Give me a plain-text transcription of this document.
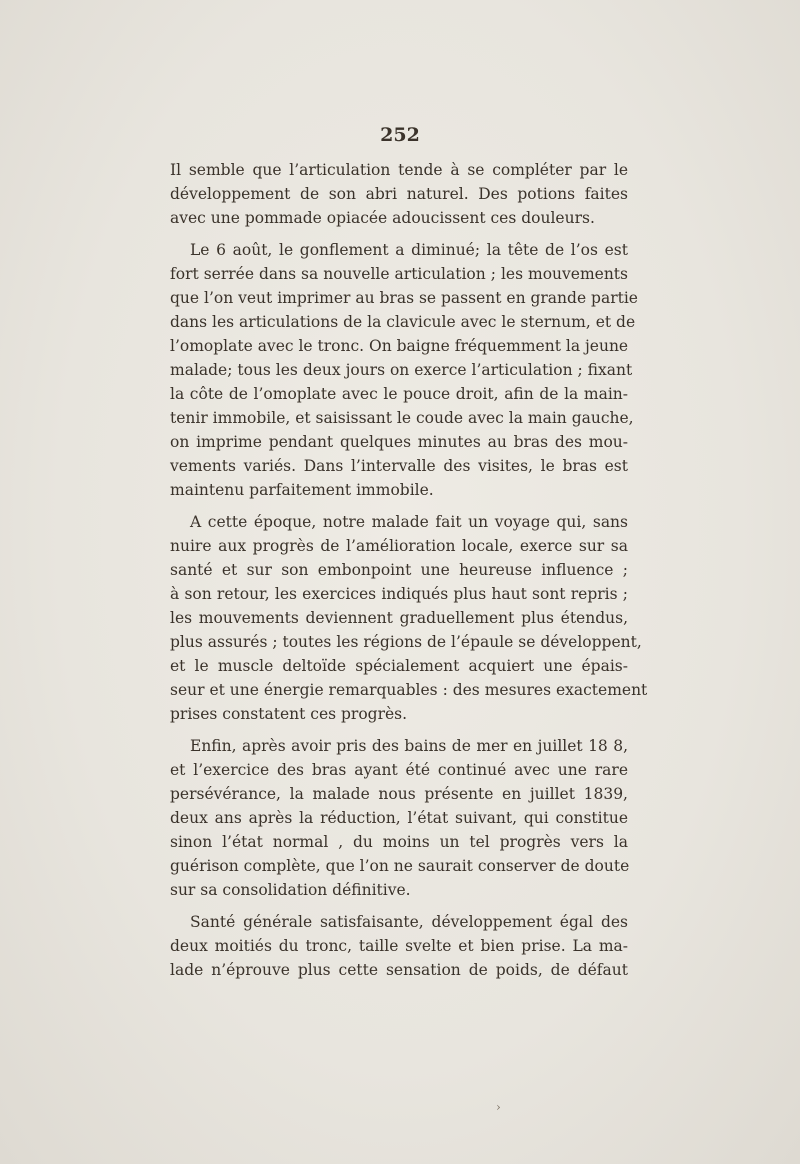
252
Il semble que l’articulation tende à se compléter par le
développement de son abri naturel. Des potions faites
avec une pommade opiacée adoucissent ces douleurs.
Le 6 août, le gonflement a diminué; la tête de l’os est
fort serrée dans sa nouvelle articulation ; les mouvements
que l’on veut imprimer au bras se passent en grande partie
dans les articulations de la clavicule avec le sternum, et de
l’omoplate avec le tronc. On baigne fréquemment la jeune
malade; tous les deux jours on exerce l’articulation ; fixant
la côte de l’omoplate avec le pouce droit, afin de la main-
tenir immobile, et saisissant le coude avec la main gauche,
on imprime pendant quelques minutes au bras des mou-
vements variés. Dans l’intervalle des visites, le bras est
maintenu parfaitement immobile.
A cette époque, notre malade fait un voyage qui, sans
nuire aux progrès de l’amélioration locale, exerce sur sa
santé et sur son embonpoint une heureuse influence ;
à son retour, les exercices indiqués plus haut sont repris ;
les mouvements deviennent graduellement plus étendus,
plus assurés ; toutes les régions de l’épaule se développent,
et le muscle deltoïde spécialement acquiert une épais-
seur et une énergie remarquables : des mesures exactement
prises constatent ces progrès.
Enfin, après avoir pris des bains de mer en juillet 18 8,
et l’exercice des bras ayant été continué avec une rare
persévérance, la malade nous présente en juillet 1839,
deux ans après la réduction, l’état suivant, qui constitue
sinon l’état normal , du moins un tel progrès vers la
guérison complète, que l’on ne saurait conserver de doute
sur sa consolidation définitive.
Santé générale satisfaisante, développement égal des
deux moitiés du tronc, taille svelte et bien prise. La ma-
lade n’éprouve plus cette sensation de poids, de défaut
›
